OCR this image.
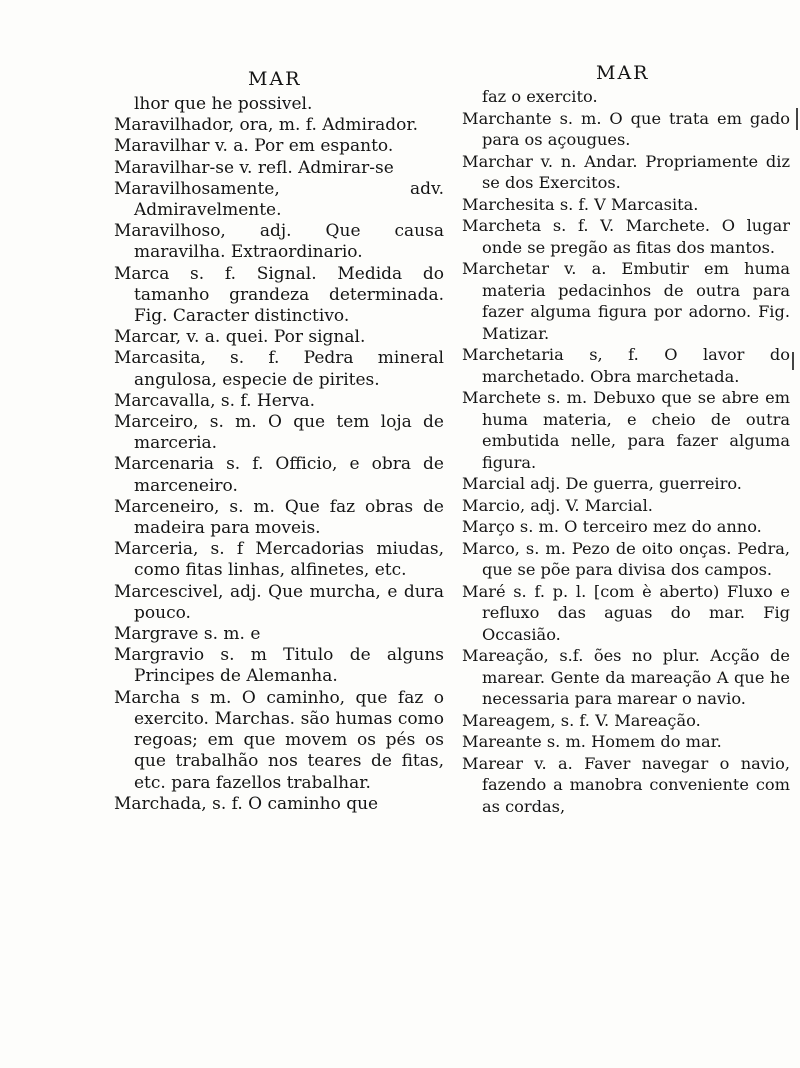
MAR
lhor que he possivel.
Maravilhador, ora, m. f. Admirador.
Maravilhar v. a. Por em espanto.
Maravilhar-se v. refl. Admirar-se
Maravilhosamente, adv. Admiravelmente.
Maravilhoso, adj. Que causa maravilha. Extraordinario.
Marca s. f. Signal. Medida do tamanho grandeza determinada. Fig. Caracter distinctivo.
Marcar, v. a. quei. Por signal.
Marcasita, s. f. Pedra mineral angulosa, especie de pirites.
Marcavalla, s. f. Herva.
Marceiro, s. m. O que tem loja de marceria.
Marcenaria s. f. Officio, e obra de marceneiro.
Marceneiro, s. m. Que faz obras de madeira para moveis.
Marceria, s. f Mercadorias miudas, como fitas linhas, alfinetes, etc.
Marcescivel, adj. Que murcha, e dura pouco.
Margrave s. m. e
Margravio s. m Titulo de alguns Principes de Alemanha.
Marcha s m. O caminho, que faz o exercito. Marchas. são humas como regoas; em que movem os pés os que trabalhão nos teares de fitas, etc. para fazellos trabalhar.
Marchada, s. f. O caminho que
MAR
faz o exercito.
Marchante s. m. O que trata em gado para os açougues.
Marchar v. n. Andar. Propriamente diz se dos Exercitos.
Marchesita s. f. V Marcasita.
Marcheta s. f. V. Marchete. O lugar onde se pregão as fitas dos mantos.
Marchetar v. a. Embutir em huma materia pedacinhos de outra para fazer alguma figura por adorno. Fig. Matizar.
Marchetaria s, f. O lavor do marchetado. Obra marchetada.
Marchete s. m. Debuxo que se abre em huma materia, e cheio de outra embutida nelle, para fazer alguma figura.
Marcial adj. De guerra, guerreiro.
Marcio, adj. V. Marcial.
Março s. m. O terceiro mez do anno.
Marco, s. m. Pezo de oito onças. Pedra, que se põe para divisa dos campos.
Maré s. f. p. l. [com è aberto) Fluxo e refluxo das aguas do mar. Fig Occasião.
Mareação, s.f. ões no plur. Acção de marear. Gente da mareação A que he necessaria para marear o navio.
Mareagem, s. f. V. Mareação.
Mareante s. m. Homem do mar.
Marear v. a. Faver navegar o navio, fazendo a manobra conveniente com as cordas,
